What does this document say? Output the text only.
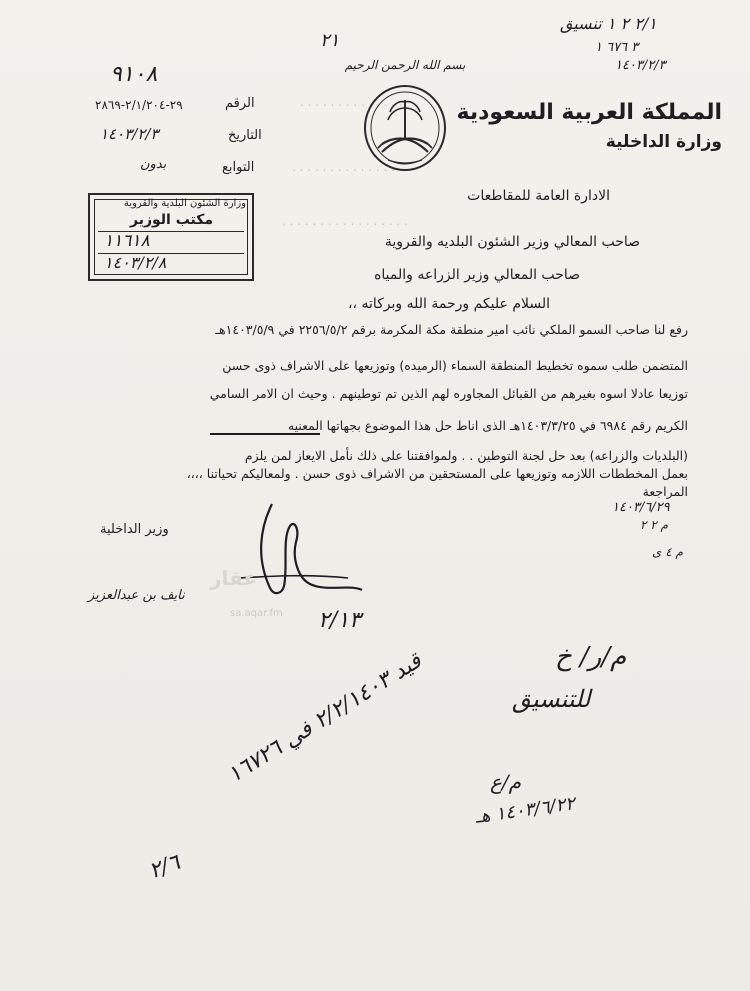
. . . . . . . . . . . . . .
. . . . . . . . . . . . . .
. . . . . . . . . . . . . . . . .
٢/١ ٢ ١ تنسيق
٣ ٦٧٦ ١
١٤٠٣/٢/٣
٢١
بسم الله الرحمن الرحيم
المملكة العربية السعودية
وزارة الداخلية
الادارة العامة للمقاطعات
٩١٠٨
الرقم
٢٩-٢/١/٢٠٤-٢٨٦٩
التاريخ
١٤٠٣/٢/٣
التوابع
بدون
وزارة الشئون البلدية والقروية
مكتب الوزير
١١٦١٨
١٤٠٣/٢/٨
صاحب المعالي وزير الشئون البلديه والقروية
صاحب المعالي وزير الزراعه والمياه
السلام عليكم ورحمة الله وبركاته ،،
رفع لنا صاحب السمو الملكي نائب امير منطقة مكة المكرمة برقم ٢٢٥٦/٥/٢ في ١٤٠٣/٥/٩هـ
المتضمن طلب سموه تخطيط المنطقة السماء (الرميده) وتوزيعها على الاشراف ذوى حسن
توزيعا عادلا اسوه بغيرهم من القبائل المجاوره لهم الذين تم توطينهم . وحيث ان الامر السامي
الكريم رقم ٦٩٨٤ في ١٤٠٣/٣/٢٥هـ الذى اناط حل هذا الموضوع بجهاتها المعنيه
(البلديات والزراعه) بعد حل لجنة التوطين . . ولموافقتنا على ذلك نأمل الايعاز لمن يلزم
بعمل المخططات اللازمه وتوزيعها على المستحقين من الاشراف ذوى حسن . ولمعاليكم تحياتنا ،،،،
المراجعة
١٤٠٣/٦/٢٩
م ٢ ٢
م ٤ ى
وزير الداخلية
نايف بن عبدالعزيز
عقار
sa.aqar.fm ٢/١٣
م/ر/ خ
للتنسيق
م/ع
١٤٠٣/٦/٢٢ هـ
قيد ٢/٢/١٤٠٣ في ١٦٧٢٦
٢/٦
